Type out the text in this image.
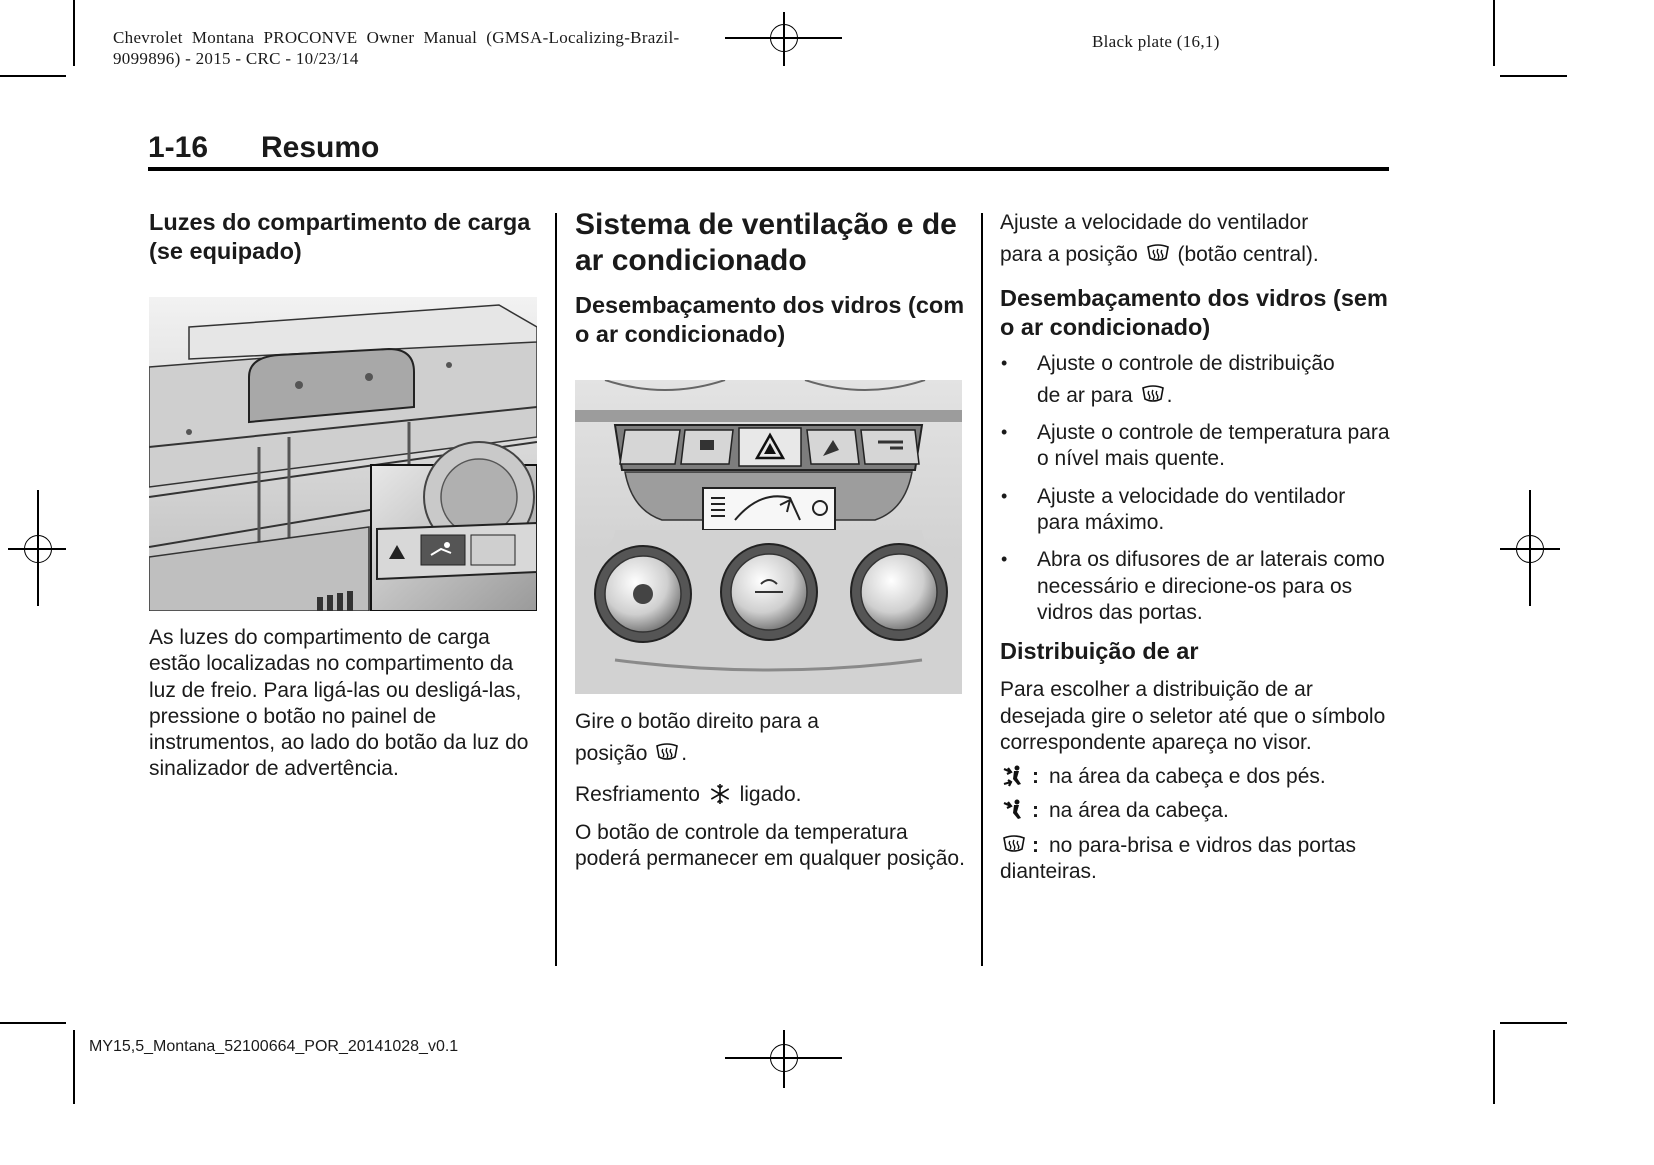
Chevrolet  Montana  PROCONVE  Owner  Manual  (GMSA-Localizing-Brazil-
9099896) - 2015 - CRC - 10/23/14
Black plate (16,1)
1-16 Resumo
Luzes do compartimento de carga (se equipado)

As luzes do compartimento de carga estão localizadas no compartimento da luz de freio. Para ligá-las ou desligá-las, pressione o botão no painel de instrumentos, ao lado do botão da luz do sinalizador de advertência.

Sistema de ventilação e de ar condicionado
Desembaçamento dos vidros (com o ar condicionado)

Gire o botão direito para a
posição .

Resfriamento ligado.

O botão de controle da temperatura poderá permanecer em qualquer posição.

Ajuste a velocidade do ventilador
para a posição (botão central).

Desembaçamento dos vidros (sem o ar condicionado)
• Ajuste o controle de distribuição
de ar para .
• Ajuste o controle de temperatura para o nível mais quente.
• Ajuste a velocidade do ventilador para máximo.
• Abra os difusores de ar laterais como necessário e direcione-os para os vidros das portas.
Distribuição de ar

Para escolher a distribuição de ar desejada gire o seletor até que o símbolo correspondente apareça no visor.

: na área da cabeça e dos pés.
: na área da cabeça.
: no para-brisa e vidros das portas dianteiras.
MY15,5_Montana_52100664_POR_20141028_v0.1
